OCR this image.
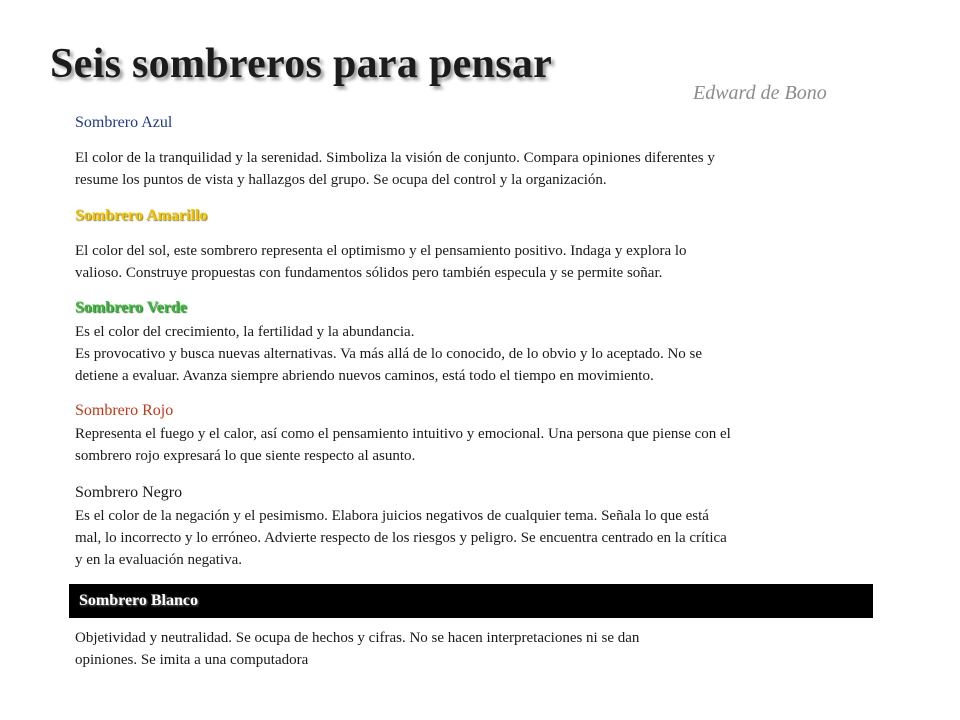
Seis sombreros para pensar
Edward de Bono
Sombrero Azul
El color de la tranquilidad y la serenidad. Simboliza la visión de conjunto. Compara opiniones diferentes y
resume los puntos de vista y hallazgos del grupo. Se ocupa del control y la organización.
Sombrero Amarillo
El color del sol, este sombrero representa el optimismo y el pensamiento positivo. Indaga y explora lo
valioso. Construye propuestas con fundamentos sólidos pero también especula y se permite soñar.
Sombrero Verde
Es el color del crecimiento, la fertilidad y la abundancia.
Es provocativo y busca nuevas alternativas. Va más allá de lo conocido, de lo obvio y lo aceptado. No se
detiene a evaluar. Avanza siempre abriendo nuevos caminos, está todo el tiempo en movimiento.
Sombrero Rojo
Representa el fuego y el calor, así como el pensamiento intuitivo y emocional. Una persona que piense con el
sombrero rojo expresará lo que siente respecto al asunto.
Sombrero Negro
Es el color de la negación y el pesimismo. Elabora juicios negativos de cualquier tema. Señala lo que está
mal, lo incorrecto y lo erróneo. Advierte respecto de los riesgos y peligro. Se encuentra centrado en la crítica
y en la evaluación negativa.
Sombrero Blanco
Objetividad y neutralidad. Se ocupa de hechos y cifras. No se hacen interpretaciones ni se dan
opiniones. Se imita a una computadora
